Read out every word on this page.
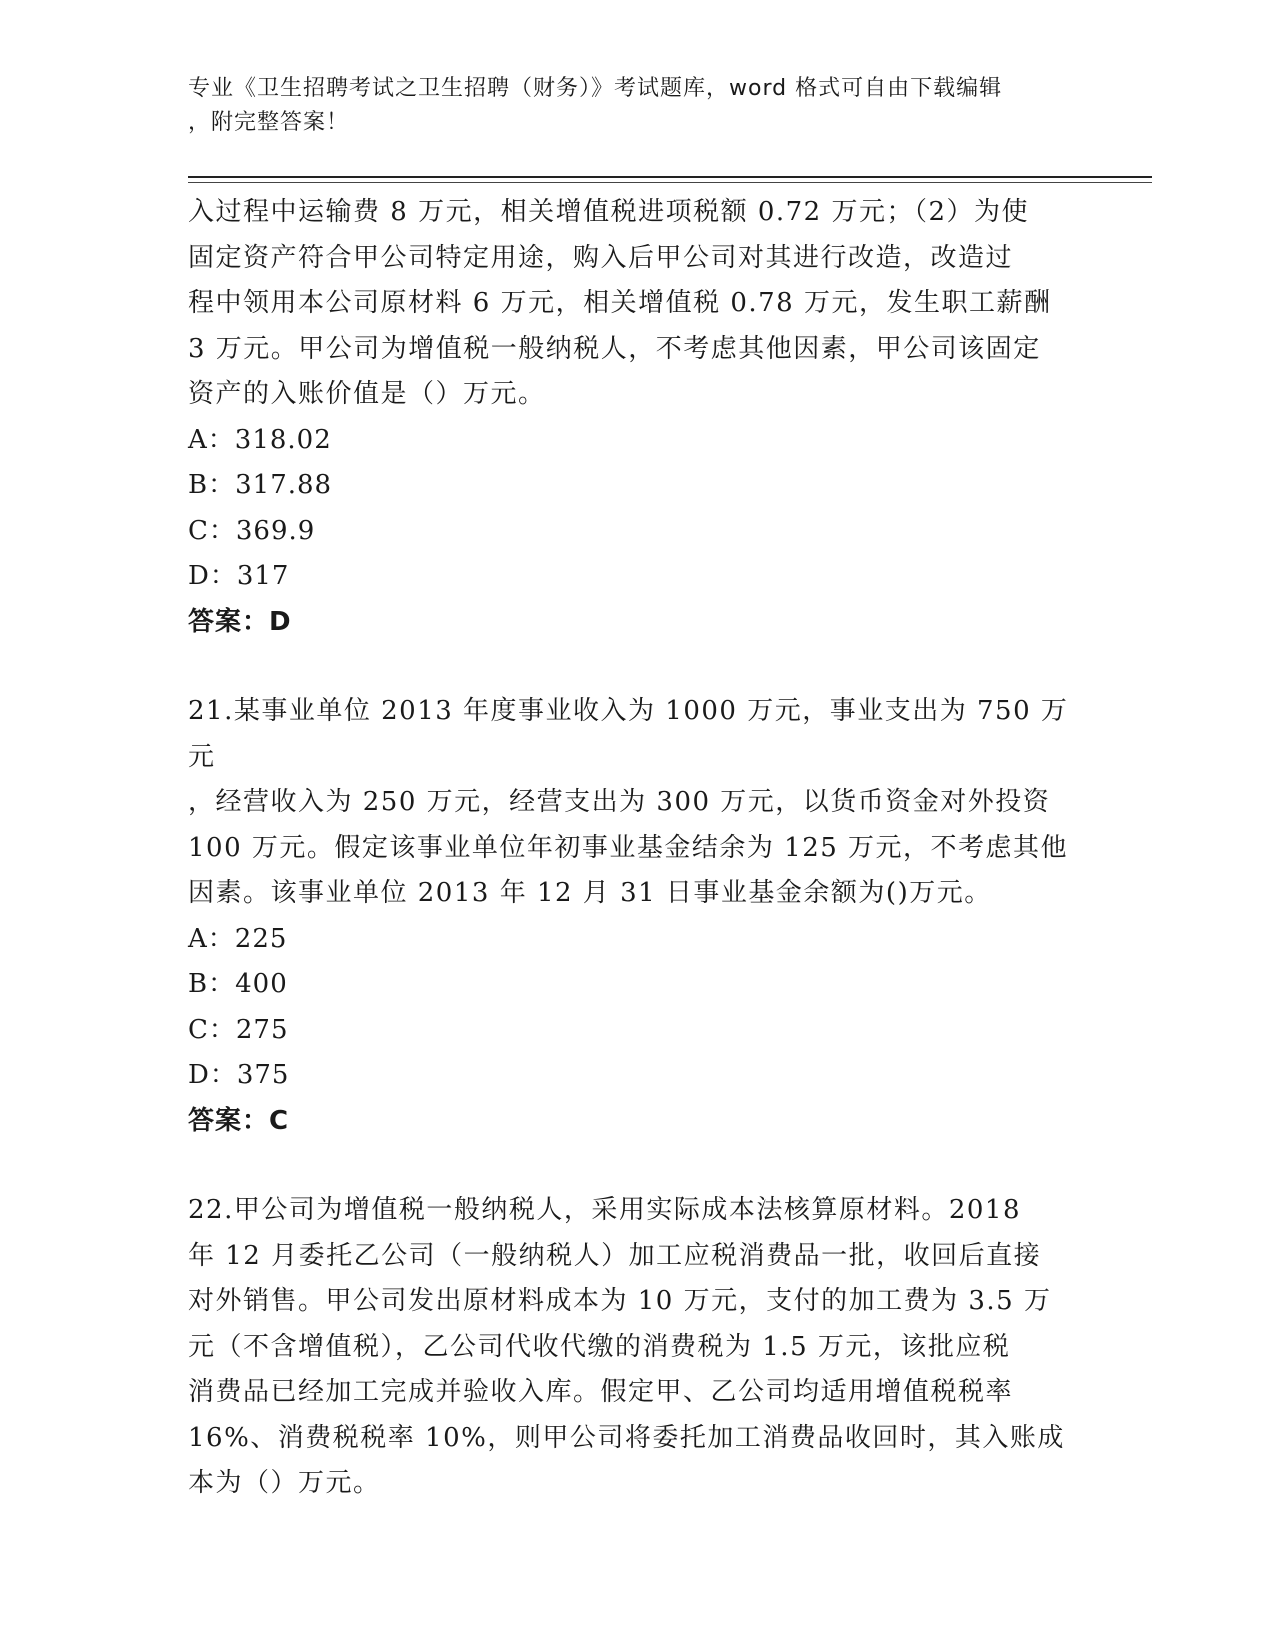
专业《卫生招聘考试之卫生招聘（财务）》考试题库，word 格式可自由下载编辑
，附完整答案！
入过程中运输费 8 万元，相关增值税进项税额 0.72 万元；（2）为使
固定资产符合甲公司特定用途，购入后甲公司对其进行改造，改造过
程中领用本公司原材料 6 万元，相关增值税 0.78 万元，发生职工薪酬
3 万元。甲公司为增值税一般纳税人，不考虑其他因素，甲公司该固定
资产的入账价值是（）万元。
A：318.02
B：317.88
C：369.9
D：317
答案：D
21.某事业单位 2013 年度事业收入为 1000 万元，事业支出为 750 万元
，经营收入为 250 万元，经营支出为 300 万元，以货币资金对外投资
100 万元。假定该事业单位年初事业基金结余为 125 万元，不考虑其他
因素。该事业单位 2013 年 12 月 31 日事业基金余额为()万元。
A：225
B：400
C：275
D：375
答案：C
22.甲公司为增值税一般纳税人，采用实际成本法核算原材料。2018
年 12 月委托乙公司（一般纳税人）加工应税消费品一批，收回后直接
对外销售。甲公司发出原材料成本为 10 万元，支付的加工费为 3.5 万
元（不含增值税），乙公司代收代缴的消费税为 1.5 万元，该批应税
消费品已经加工完成并验收入库。假定甲、乙公司均适用增值税税率
16%、消费税税率 10%，则甲公司将委托加工消费品收回时，其入账成
本为（）万元。
